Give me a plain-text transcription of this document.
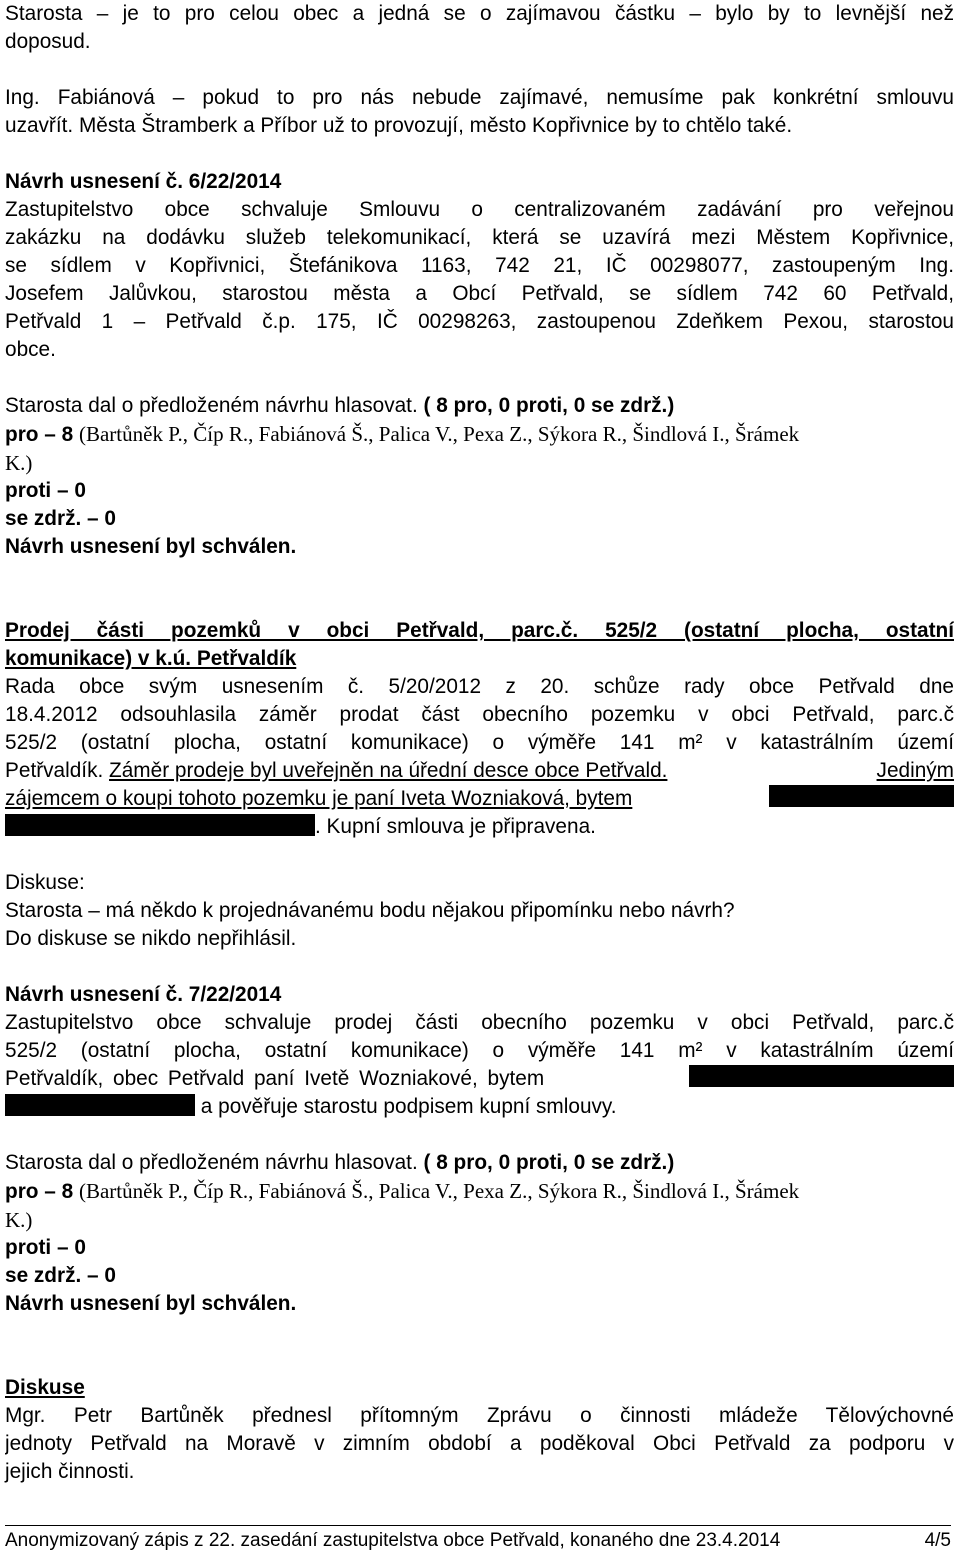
Starosta – je to pro celou obec a jedná se o zajímavou částku – bylo by to levnější než
doposud.
Ing. Fabiánová – pokud to pro nás nebude zajímavé, nemusíme pak konkrétní smlouvu
uzavřít. Města Štramberk a Příbor už to provozují, město Kopřivnice by to chtělo také.
Návrh usnesení č. 6/22/2014
Zastupitelstvo obce schvaluje Smlouvu o centralizovaném zadávání pro veřejnou
zakázku na dodávku služeb telekomunikací, která se uzavírá mezi Městem Kopřivnice,
se sídlem v Kopřivnici, Štefánikova 1163, 742 21, IČ 00298077, zastoupeným Ing.
Josefem Jalůvkou, starostou města a Obcí Petřvald, se sídlem 742 60 Petřvald,
Petřvald 1 – Petřvald č.p. 175, IČ 00298263, zastoupenou Zdeňkem Pexou, starostou
obce.
Starosta dal o předloženém návrhu hlasovat. ( 8 pro, 0 proti, 0 se zdrž.)
pro – 8 (Bartůněk P., Číp R., Fabiánová Š., Palica V., Pexa Z., Sýkora R., Šindlová I., Šrámek
K.)
proti – 0
se zdrž. – 0
Návrh usnesení byl schválen.
Prodej části pozemků v obci Petřvald, parc.č. 525/2 (ostatní plocha, ostatní
komunikace) v k.ú. Petřvaldík
Rada obce svým usnesením č. 5/20/2012 z 20. schůze rady obce Petřvald dne
18.4.2012 odsouhlasila záměr prodat část obecního pozemku v obci Petřvald, parc.č
525/2 (ostatní plocha, ostatní komunikace) o výměře 141 m² v katastrálním území
Petřvaldík. Záměr prodeje byl uveřejněn na úřední desce obce Petřvald.	Jediným
zájemcem o koupi tohoto pozemku je paní Iveta Wozniaková, bytem
. Kupní smlouva je připravena.
Diskuse:
Starosta – má někdo k projednávanému bodu nějakou připomínku nebo návrh?
Do diskuse se nikdo nepřihlásil.
Návrh usnesení č. 7/22/2014
Zastupitelstvo obce schvaluje prodej části obecního pozemku v obci Petřvald, parc.č
525/2 (ostatní plocha, ostatní komunikace) o výměře 141 m² v katastrálním území
Petřvaldík, obec Petřvald paní Ivetě Wozniakové, bytem
a pověřuje starostu podpisem kupní smlouvy.
Starosta dal o předloženém návrhu hlasovat. ( 8 pro, 0 proti, 0 se zdrž.)
pro – 8 (Bartůněk P., Číp R., Fabiánová Š., Palica V., Pexa Z., Sýkora R., Šindlová I., Šrámek
K.)
proti – 0
se zdrž. – 0
Návrh usnesení byl schválen.
Diskuse
Mgr. Petr Bartůněk přednesl přítomným Zprávu o činnosti mládeže Tělovýchovné
jednoty Petřvald na Moravě v zimním období a poděkoval Obci Petřvald za podporu v
jejich činnosti.
Anonymizovaný zápis z 22. zasedání zastupitelstva obce Petřvald, konaného dne 23.4.2014	4/5
